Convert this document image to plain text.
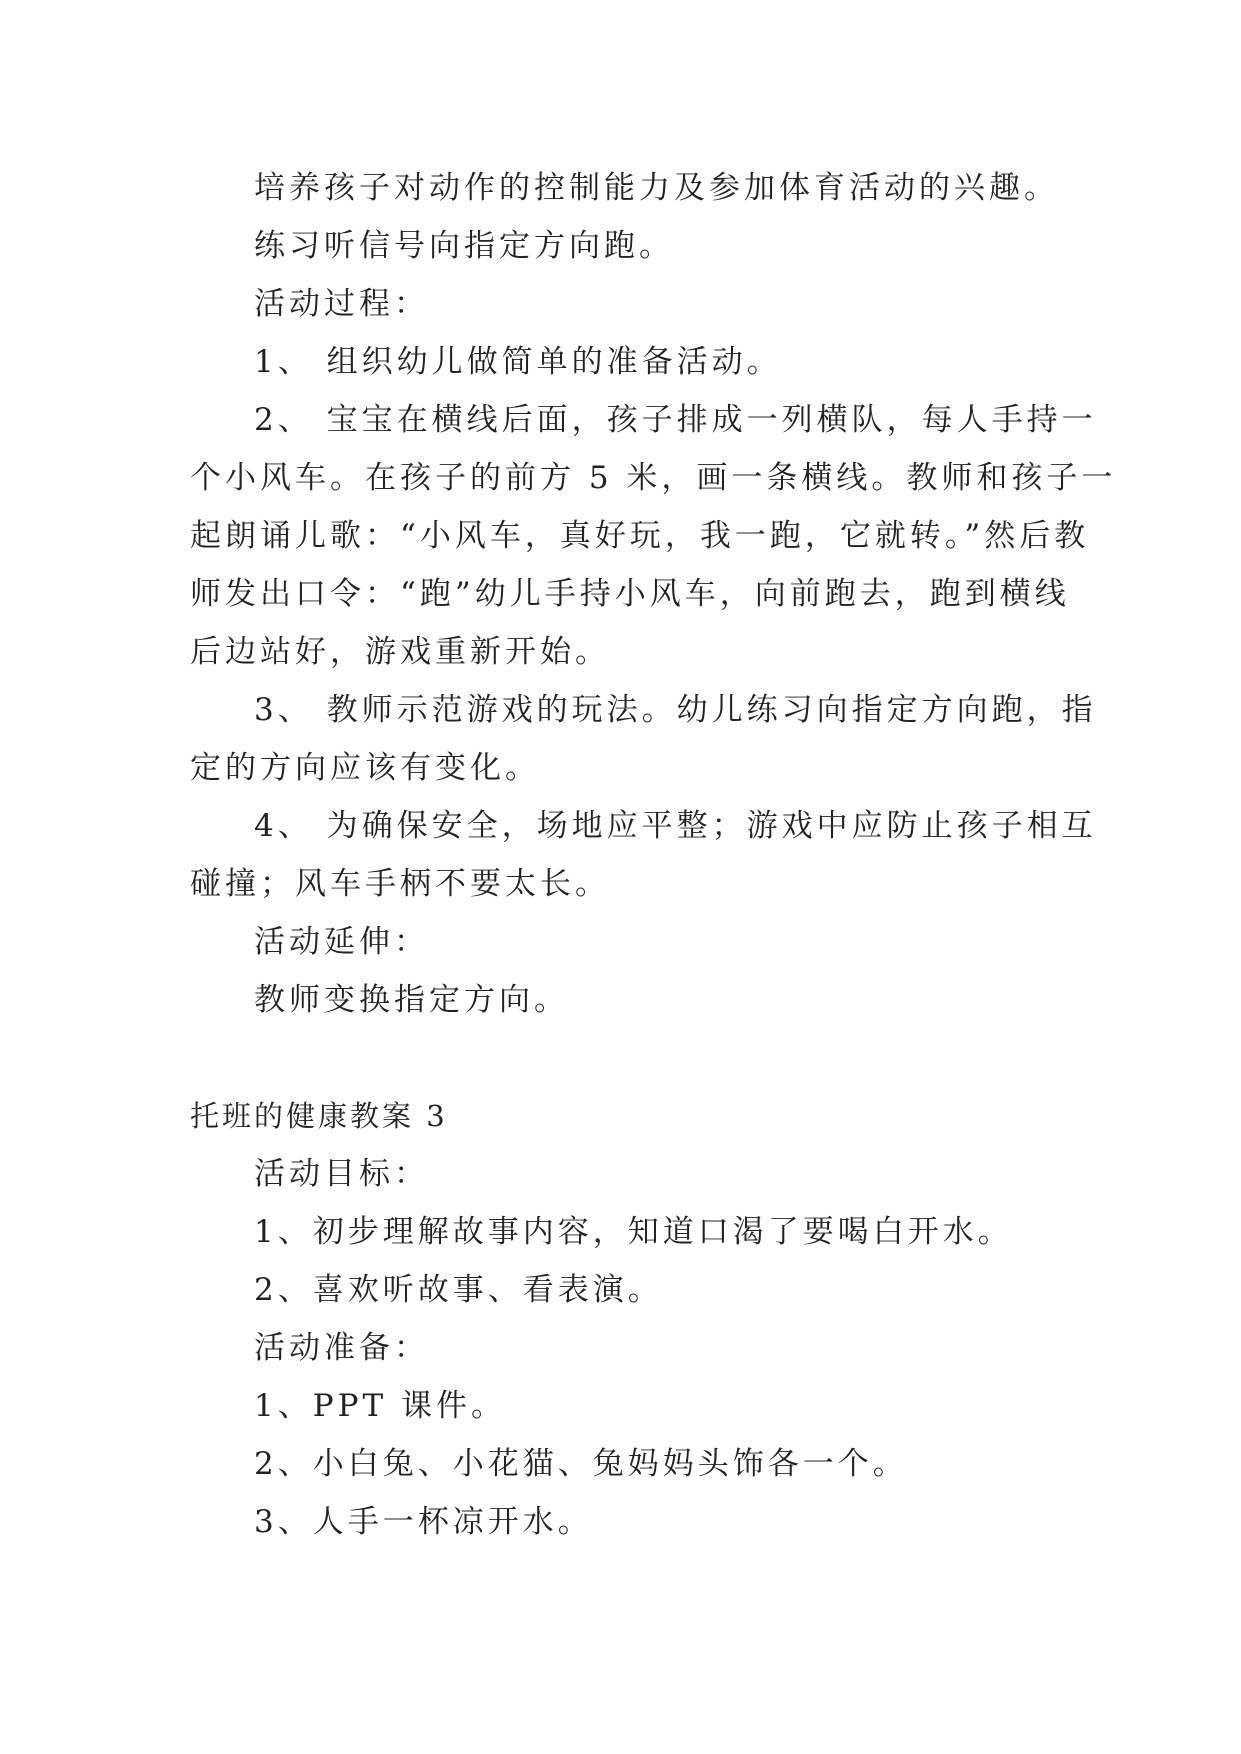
培养孩子对动作的控制能力及参加体育活动的兴趣。
练习听信号向指定方向跑。
活动过程：
1、 组织幼儿做简单的准备活动。
2、 宝宝在横线后面，孩子排成一列横队，每人手持一
个小风车。在孩子的前方 5 米，画一条横线。教师和孩子一
起朗诵儿歌：“小风车，真好玩，我一跑，它就转。”然后教
师发出口令：“跑”幼儿手持小风车，向前跑去，跑到横线
后边站好，游戏重新开始。
3、 教师示范游戏的玩法。幼儿练习向指定方向跑，指
定的方向应该有变化。
4、 为确保安全，场地应平整；游戏中应防止孩子相互
碰撞；风车手柄不要太长。
活动延伸：
教师变换指定方向。
托班的健康教案 3
活动目标：
1、初步理解故事内容，知道口渴了要喝白开水。
2、喜欢听故事、看表演。
活动准备：
1、PPT 课件。
2、小白兔、小花猫、兔妈妈头饰各一个。
3、人手一杯凉开水。
